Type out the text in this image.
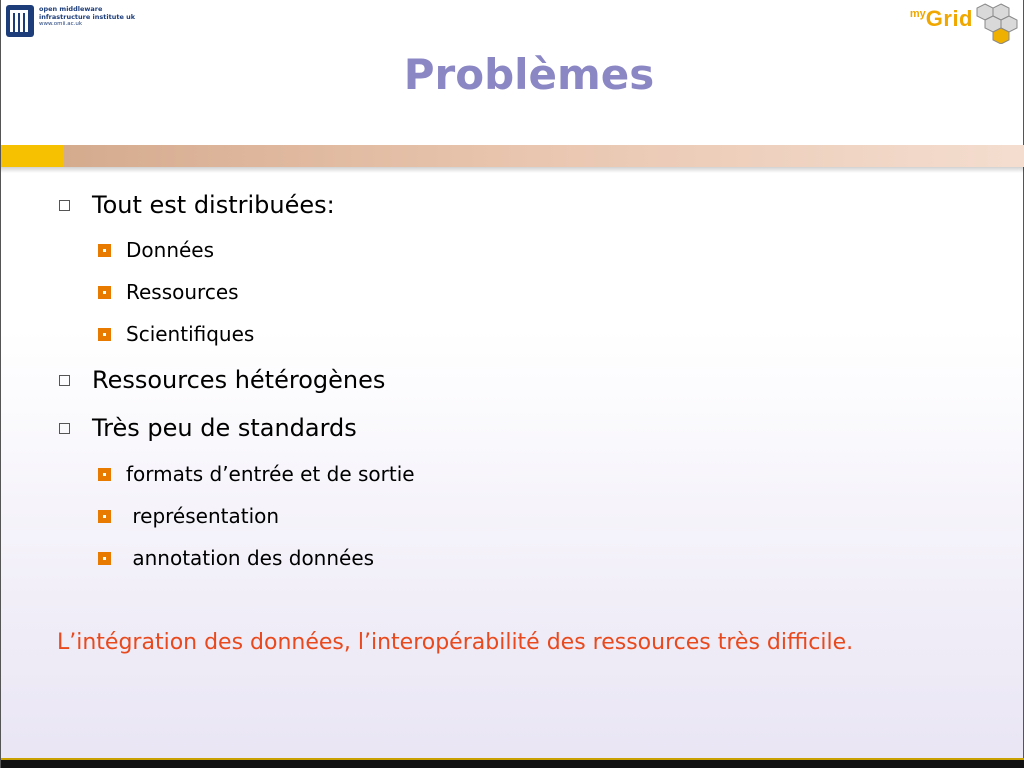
open middleware
infrastructure institute uk
www.omii.ac.uk
$^{my}$Grid
Problèmes
Tout est distribuées:
Données
Ressources
Scientifiques
Ressources hétérogènes
Très peu de standards
formats d’entrée et de sortie
représentation
annotation des données
L’intégration des données, l’interopérabilité des ressources très difficile.
